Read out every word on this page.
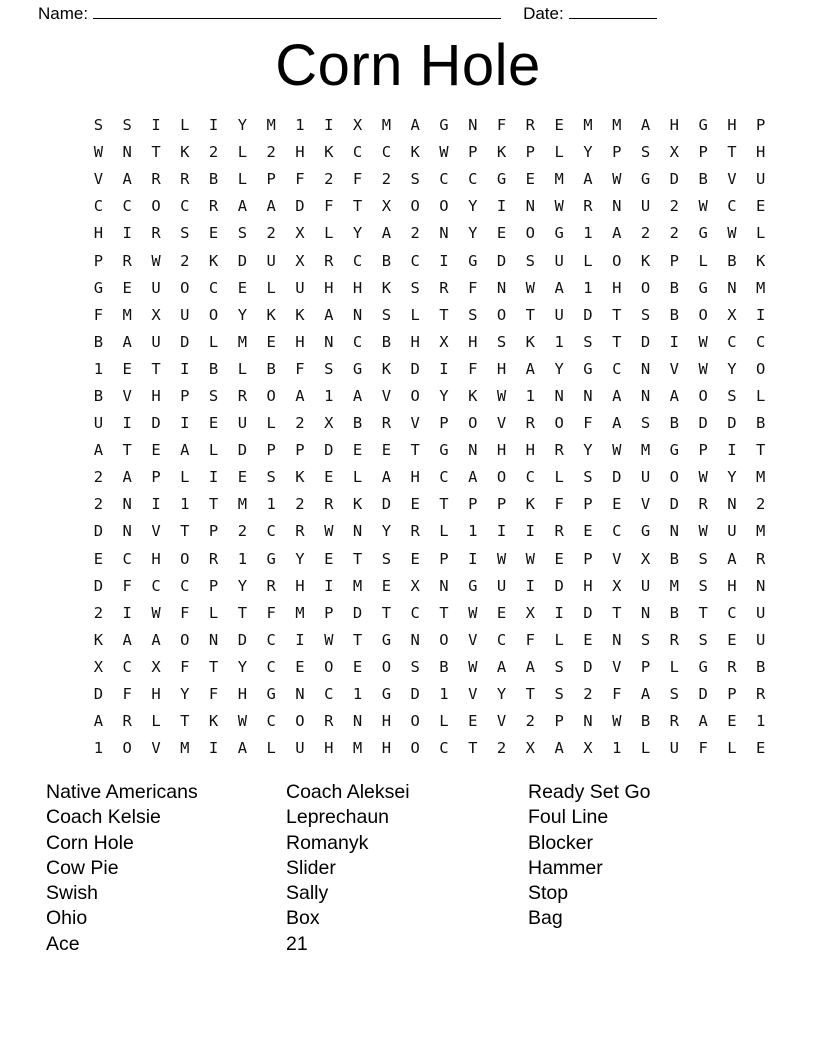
Name:	Date:
Corn Hole
S	S	I	L	I	Y	M	1	I	X	M	A	G	N	F	R	E	M	M	A	H	G	H	P
W	N	T	K	2	L	2	H	K	C	C	K	W	P	K	P	L	Y	P	S	X	P	T	H
V	A	R	R	B	L	P	F	2	F	2	S	C	C	G	E	M	A	W	G	D	B	V	U
C	C	O	C	R	A	A	D	F	T	X	O	O	Y	I	N	W	R	N	U	2	W	C	E
H	I	R	S	E	S	2	X	L	Y	A	2	N	Y	E	O	G	1	A	2	2	G	W	L
P	R	W	2	K	D	U	X	R	C	B	C	I	G	D	S	U	L	O	K	P	L	B	K
G	E	U	O	C	E	L	U	H	H	K	S	R	F	N	W	A	1	H	O	B	G	N	M
F	M	X	U	O	Y	K	K	A	N	S	L	T	S	O	T	U	D	T	S	B	O	X	I
B	A	U	D	L	M	E	H	N	C	B	H	X	H	S	K	1	S	T	D	I	W	C	C
1	E	T	I	B	L	B	F	S	G	K	D	I	F	H	A	Y	G	C	N	V	W	Y	O
B	V	H	P	S	R	O	A	1	A	V	O	Y	K	W	1	N	N	A	N	A	O	S	L
U	I	D	I	E	U	L	2	X	B	R	V	P	O	V	R	O	F	A	S	B	D	D	B
A	T	E	A	L	D	P	P	D	E	E	T	G	N	H	H	R	Y	W	M	G	P	I	T
2	A	P	L	I	E	S	K	E	L	A	H	C	A	O	C	L	S	D	U	O	W	Y	M
2	N	I	1	T	M	1	2	R	K	D	E	T	P	P	K	F	P	E	V	D	R	N	2
D	N	V	T	P	2	C	R	W	N	Y	R	L	1	I	I	R	E	C	G	N	W	U	M
E	C	H	O	R	1	G	Y	E	T	S	E	P	I	W	W	E	P	V	X	B	S	A	R
D	F	C	C	P	Y	R	H	I	M	E	X	N	G	U	I	D	H	X	U	M	S	H	N
2	I	W	F	L	T	F	M	P	D	T	C	T	W	E	X	I	D	T	N	B	T	C	U
K	A	A	O	N	D	C	I	W	T	G	N	O	V	C	F	L	E	N	S	R	S	E	U
X	C	X	F	T	Y	C	E	O	E	O	S	B	W	A	A	S	D	V	P	L	G	R	B
D	F	H	Y	F	H	G	N	C	1	G	D	1	V	Y	T	S	2	F	A	S	D	P	R
A	R	L	T	K	W	C	O	R	N	H	O	L	E	V	2	P	N	W	B	R	A	E	1
1	O	V	M	I	A	L	U	H	M	H	O	C	T	2	X	A	X	1	L	U	F	L	E
Native Americans
Coach Kelsie
Corn Hole
Cow Pie
Swish
Ohio
Ace
Coach Aleksei
Leprechaun
Romanyk
Slider
Sally
Box
21
Ready Set Go
Foul Line
Blocker
Hammer
Stop
Bag
